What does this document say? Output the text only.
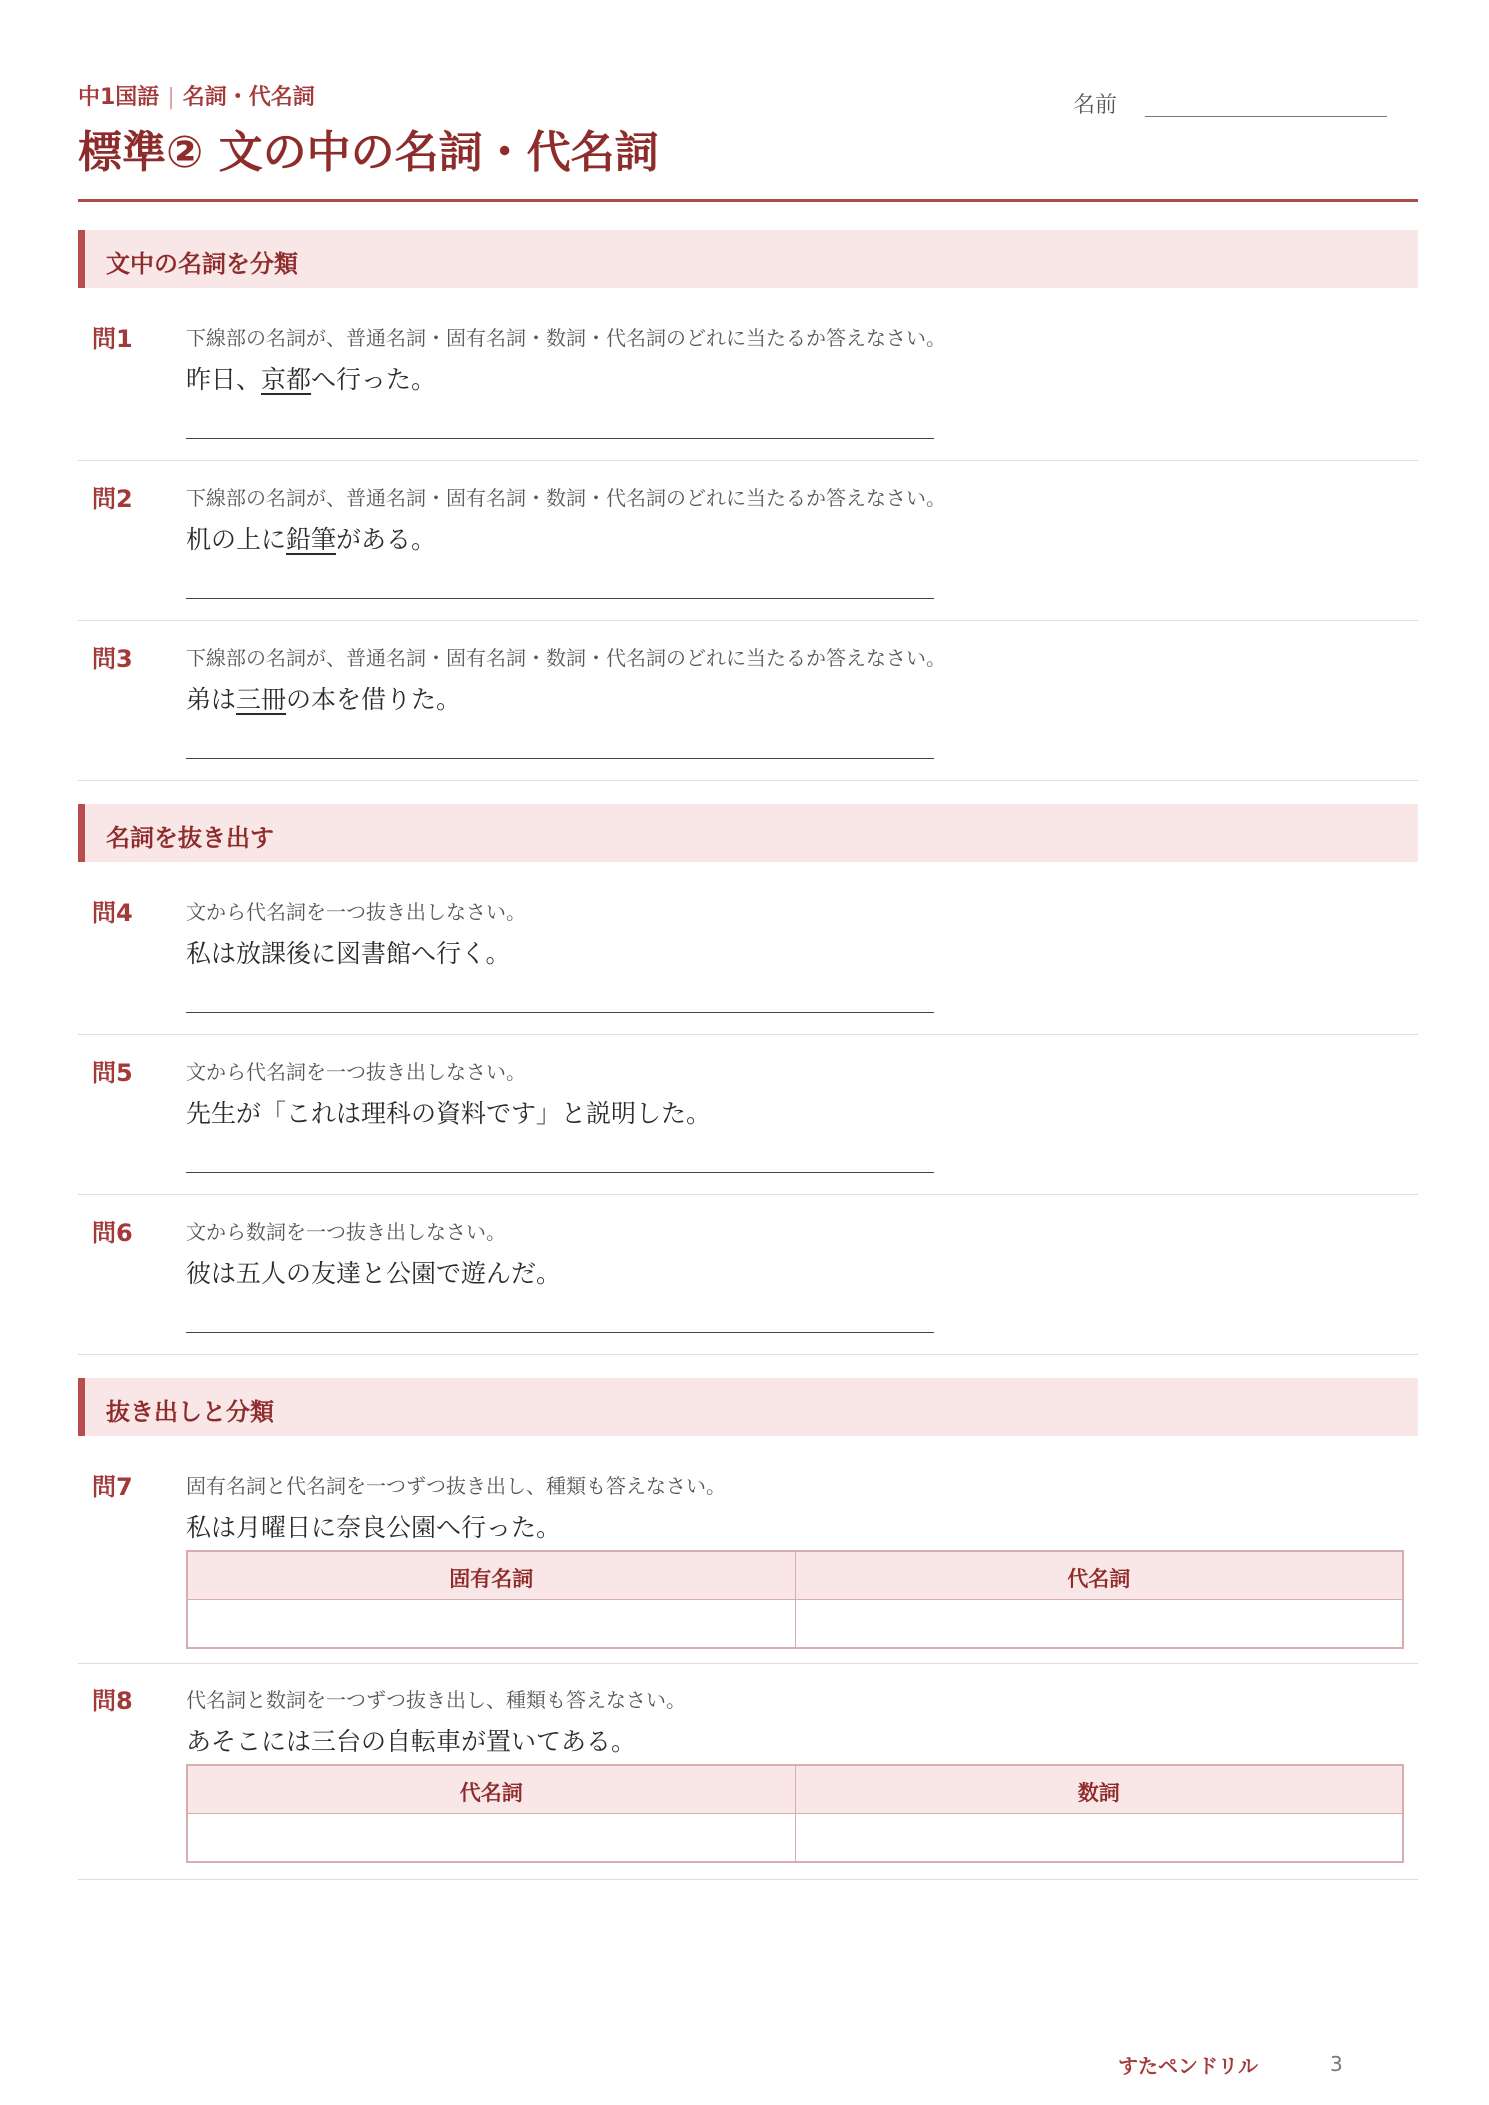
中1国語 | 名詞・代名詞
標準② 文の中の名詞・代名詞
名前
文中の名詞を分類
問1	下線部の名詞が、普通名詞・固有名詞・数詞・代名詞のどれに当たるか答えなさい。
昨日、京都へ行った。
問2	下線部の名詞が、普通名詞・固有名詞・数詞・代名詞のどれに当たるか答えなさい。
机の上に鉛筆がある。
問3	下線部の名詞が、普通名詞・固有名詞・数詞・代名詞のどれに当たるか答えなさい。
弟は三冊の本を借りた。
名詞を抜き出す
問4	文から代名詞を一つ抜き出しなさい。
私は放課後に図書館へ行く。
問5	文から代名詞を一つ抜き出しなさい。
先生が「これは理科の資料です」と説明した。
問6	文から数詞を一つ抜き出しなさい。
彼は五人の友達と公園で遊んだ。
抜き出しと分類
問7	固有名詞と代名詞を一つずつ抜き出し、種類も答えなさい。
私は月曜日に奈良公園へ行った。
固有名詞	代名詞
問8	代名詞と数詞を一つずつ抜き出し、種類も答えなさい。
あそこには三台の自転車が置いてある。
代名詞	数詞
すたペンドリル	3
